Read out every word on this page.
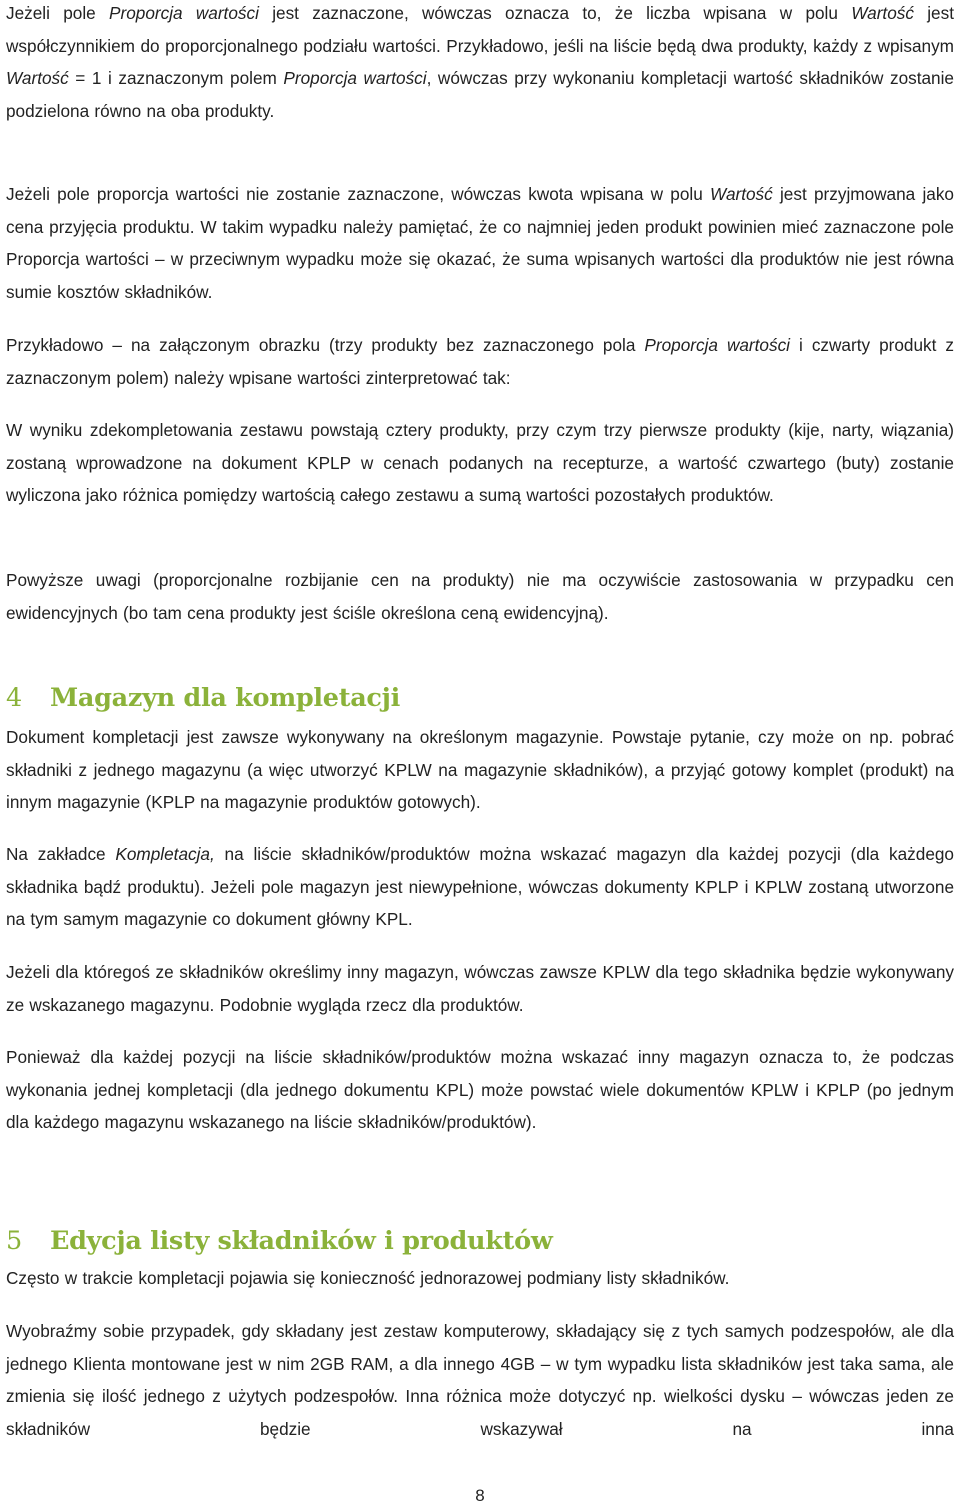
Jeżeli pole Proporcja wartości jest zaznaczone, wówczas oznacza to, że liczba wpisana w polu Wartość jest współczynnikiem do proporcjonalnego podziału wartości. Przykładowo, jeśli na liście będą dwa produkty, każdy z wpisanym Wartość = 1 i zaznaczonym polem Proporcja wartości, wówczas przy wykonaniu kompletacji wartość składników zostanie podzielona równo na oba produkty.

Jeżeli pole proporcja wartości nie zostanie zaznaczone, wówczas kwota wpisana w polu Wartość jest przyjmowana jako cena przyjęcia produktu. W takim wypadku należy pamiętać, że co najmniej jeden produkt powinien mieć zaznaczone pole Proporcja wartości – w przeciwnym wypadku może się okazać, że suma wpisanych wartości dla produktów nie jest równa sumie kosztów składników.

Przykładowo – na załączonym obrazku (trzy produkty bez zaznaczonego pola Proporcja wartości i czwarty produkt z zaznaczonym polem) należy wpisane wartości zinterpretować tak:

W wyniku zdekompletowania zestawu powstają cztery produkty, przy czym trzy pierwsze produkty (kije, narty, wiązania) zostaną wprowadzone na dokument KPLP w cenach podanych na recepturze, a wartość czwartego (buty) zostanie wyliczona jako różnica pomiędzy wartością całego zestawu a sumą wartości pozostałych produktów.

Powyższe uwagi (proporcjonalne rozbijanie cen na produkty) nie ma oczywiście zastosowania w przypadku cen ewidencyjnych (bo tam cena produkty jest ściśle określona ceną ewidencyjną).

4 Magazyn dla kompletacji

Dokument kompletacji jest zawsze wykonywany na określonym magazynie. Powstaje pytanie, czy może on np. pobrać składniki z jednego magazynu (a więc utworzyć KPLW na magazynie składników), a przyjąć gotowy komplet (produkt) na innym magazynie (KPLP na magazynie produktów gotowych).

Na zakładce Kompletacja, na liście składników/produktów można wskazać magazyn dla każdej pozycji (dla każdego składnika bądź produktu). Jeżeli pole magazyn jest niewypełnione, wówczas dokumenty KPLP i KPLW zostaną utworzone na tym samym magazynie co dokument główny KPL.

Jeżeli dla któregoś ze składników określimy inny magazyn, wówczas zawsze KPLW dla tego składnika będzie wykonywany ze wskazanego magazynu. Podobnie wygląda rzecz dla produktów.

Ponieważ dla każdej pozycji na liście składników/produktów można wskazać inny magazyn oznacza to, że podczas wykonania jednej kompletacji (dla jednego dokumentu KPL) może powstać wiele dokumentów KPLW i KPLP (po jednym dla każdego magazynu wskazanego na liście składników/produktów).

5 Edycja listy składników i produktów

Często w trakcie kompletacji pojawia się konieczność jednorazowej podmiany listy składników.

Wyobraźmy sobie przypadek, gdy składany jest zestaw komputerowy, składający się z tych samych podzespołów, ale dla jednego Klienta montowane jest w nim 2GB RAM, a dla innego 4GB – w tym wypadku lista składników jest taka sama, ale zmienia się ilość jednego z użytych podzespołów. Inna różnica może dotyczyć np. wielkości dysku – wówczas jeden ze składników będzie wskazywał na inna

8
